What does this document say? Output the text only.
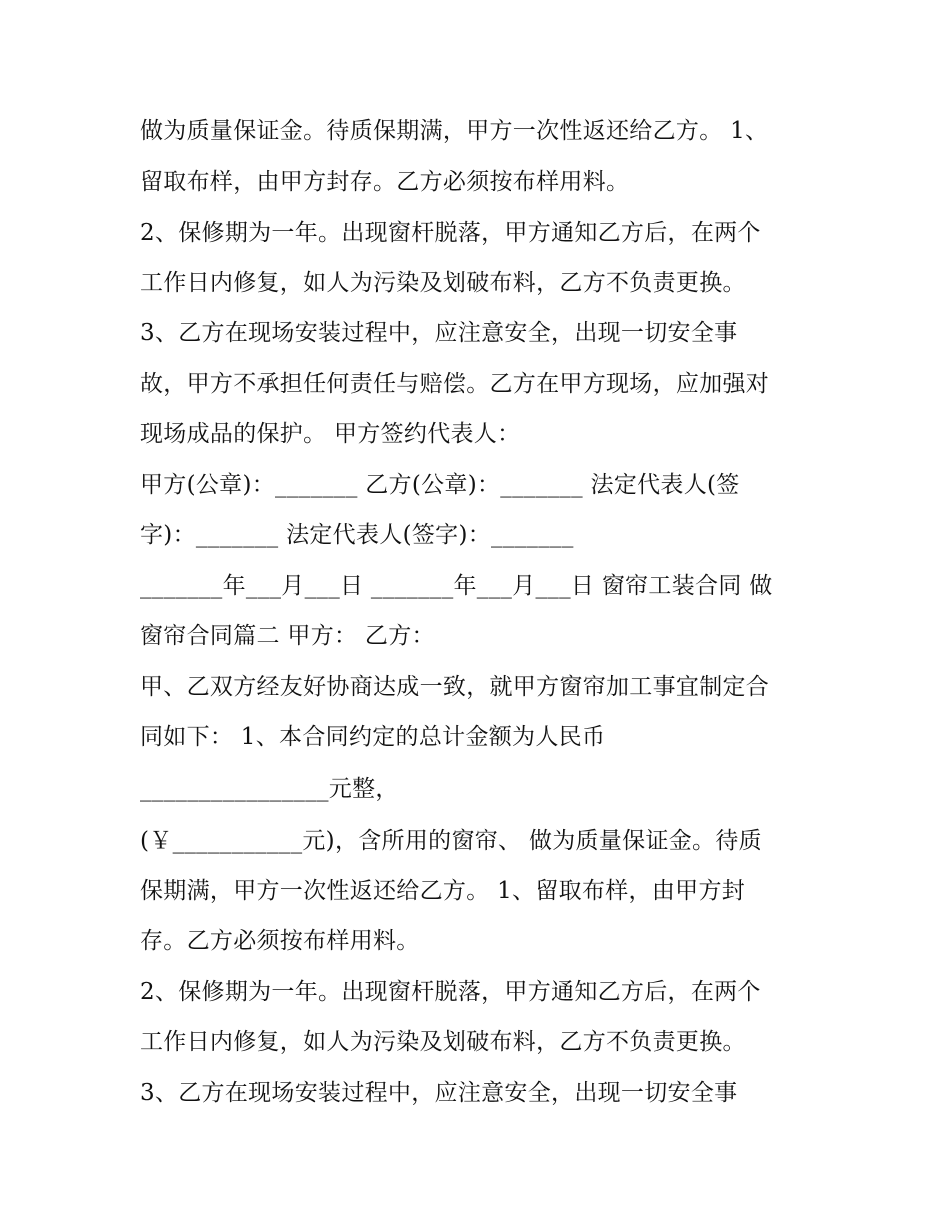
做为质量保证金。待质保期满，甲方一次性返还给乙方。 1、
留取布样，由甲方封存。乙方必须按布样用料。
2、保修期为一年。出现窗杆脱落，甲方通知乙方后，在两个
工作日内修复，如人为污染及划破布料，乙方不负责更换。
3、乙方在现场安装过程中，应注意安全，出现一切安全事
故，甲方不承担任何责任与赔偿。乙方在甲方现场，应加强对
现场成品的保护。 甲方签约代表人：
甲方(公章)：_______ 乙方(公章)：_______ 法定代表人(签
字)：_______ 法定代表人(签字)：_______
_______年___月___日 _______年___月___日 窗帘工装合同 做
窗帘合同篇二 甲方： 乙方：
甲、乙双方经友好协商达成一致，就甲方窗帘加工事宜制定合
同如下： 1、本合同约定的总计金额为人民币
________________元整，
(￥___________元)，含所用的窗帘、 做为质量保证金。待质
保期满，甲方一次性返还给乙方。 1、留取布样，由甲方封
存。乙方必须按布样用料。
2、保修期为一年。出现窗杆脱落，甲方通知乙方后，在两个
工作日内修复，如人为污染及划破布料，乙方不负责更换。
3、乙方在现场安装过程中，应注意安全，出现一切安全事
